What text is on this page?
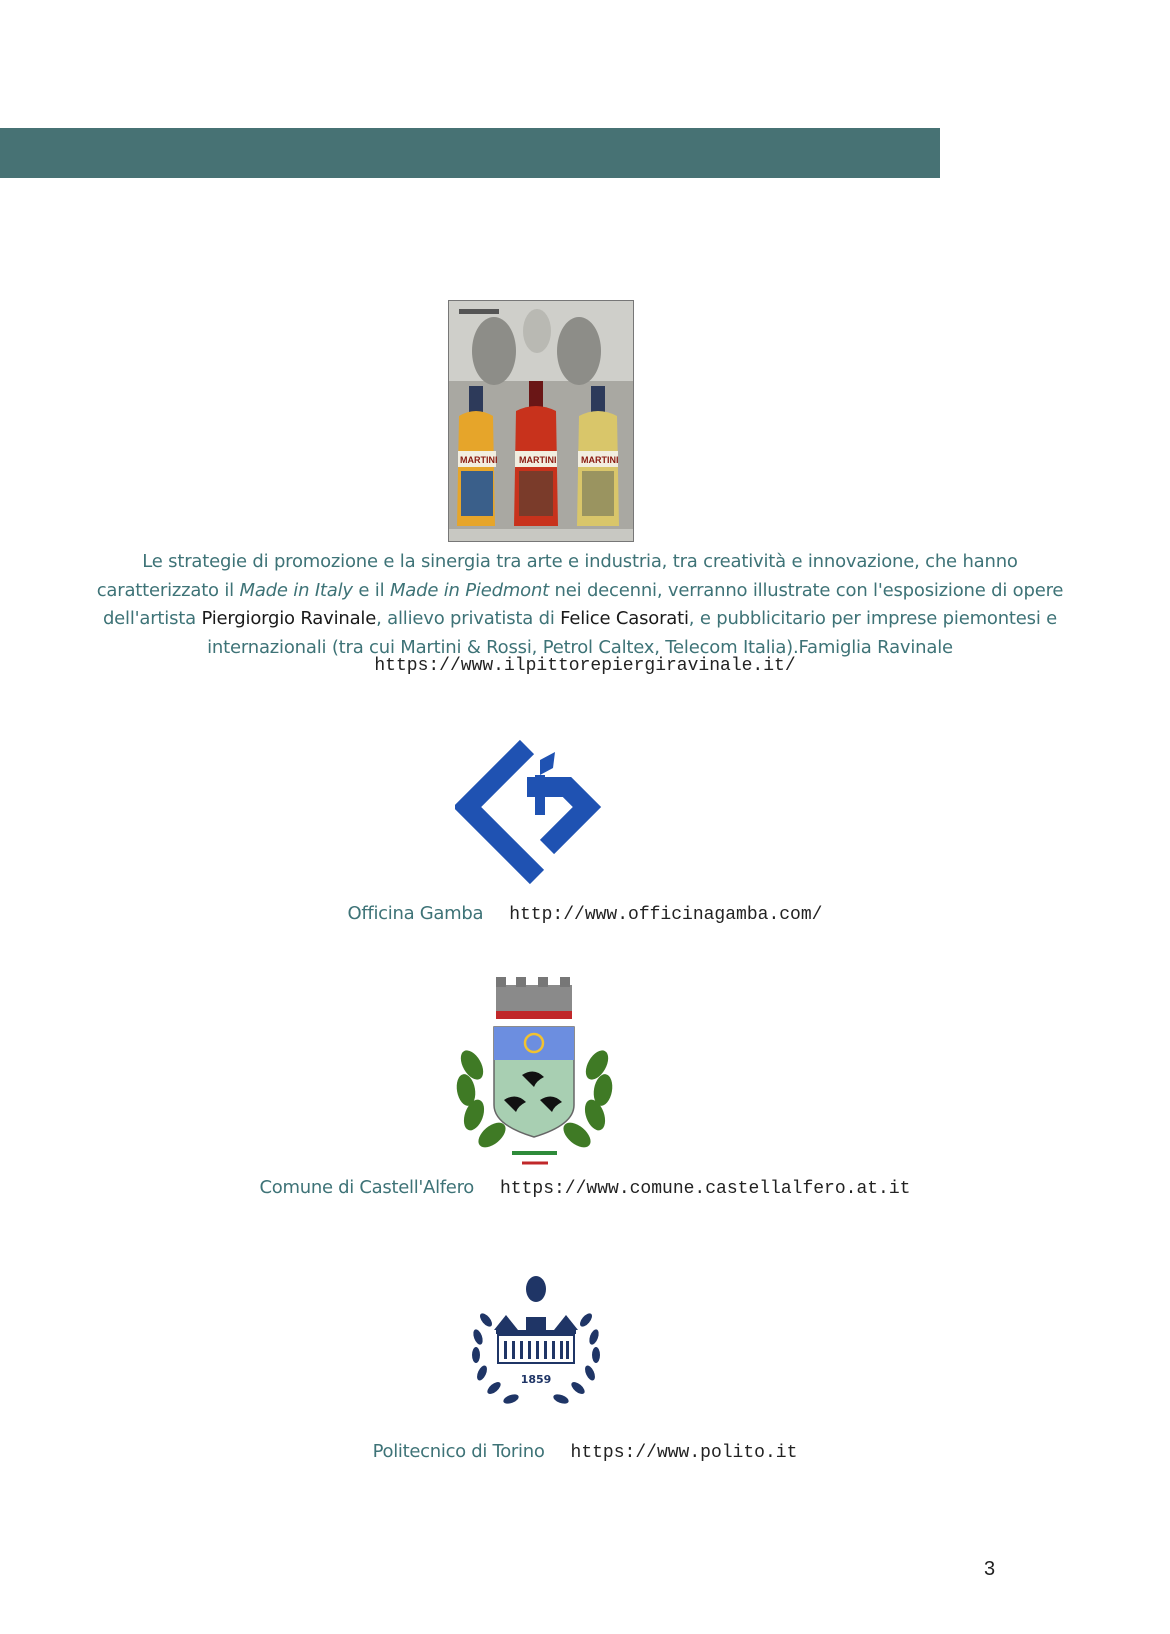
MARTINI MARTINI	MARTINI

Le strategie di promozione e la sinergia tra arte e industria, tra creatività e innovazione, che hanno caratterizzato il Made in Italy e il Made in Piedmont nei decenni, verranno illustrate con l'esposizione di opere dell'artista Piergiorgio Ravinale, allievo privatista di Felice Casorati, e pubblicitario per imprese piemontesi e internazionali (tra cui Martini & Rossi, Petrol Caltex, Telecom Italia).Famiglia Ravinale

https://www.ilpittorepiergiravinale.it/
Officina Gamba http://www.officinagamba.com/
Comune di Castell'Alfero https://www.comune.castellalfero.at.it
1859
Politecnico di Torino https://www.polito.it
3
